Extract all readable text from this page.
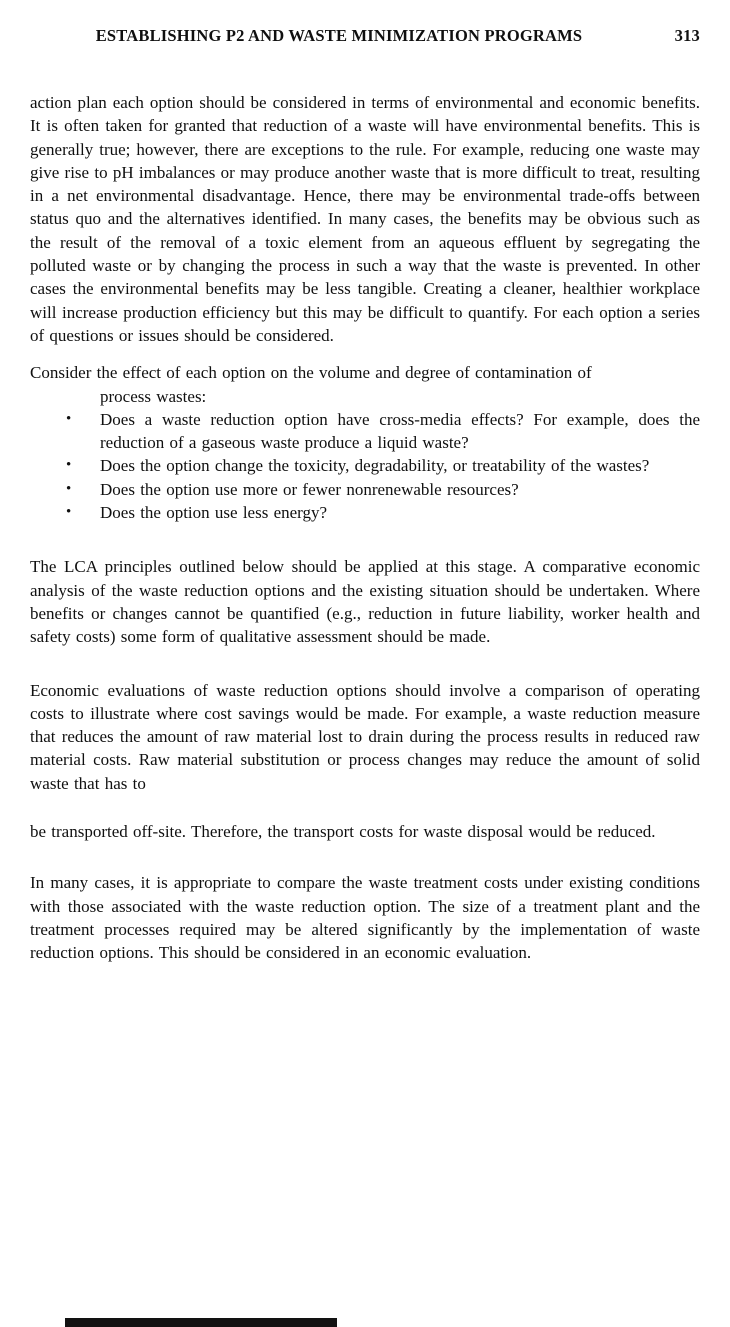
ESTABLISHING P2 AND WASTE MINIMIZATION PROGRAMS	313

action plan each option should be considered in terms of environmental and economic benefits. It is often taken for granted that reduction of a waste will have environmental benefits. This is generally true; however, there are exceptions to the rule. For example, reducing one waste may give rise to pH imbalances or may produce another waste that is more difficult to treat, resulting in a net environmental disadvantage. Hence, there may be environmental trade-offs between status quo and the alternatives identified. In many cases, the benefits may be obvious such as the result of the removal of a toxic element from an aqueous effluent by segregating the polluted waste or by changing the process in such a way that the waste is prevented. In other cases the environmental benefits may be less tangible. Creating a cleaner, healthier workplace will increase production efficiency but this may be difficult to quantify. For each option a series of questions or issues should be considered.

Consider the effect of each option on the volume and degree of contamination of
process wastes:
•	Does a waste reduction option have cross-media effects? For example, does the reduction of a gaseous waste produce a liquid waste?
•	Does the option change the toxicity, degradability, or treatability of the wastes?
•	Does the option use more or fewer nonrenewable resources?
•	Does the option use less energy?

The LCA principles outlined below should be applied at this stage. A comparative economic analysis of the waste reduction options and the existing situation should be undertaken. Where benefits or changes cannot be quantified (e.g., reduction in future liability, worker health and safety costs) some form of qualitative assessment should be made.

Economic evaluations of waste reduction options should involve a comparison of operating costs to illustrate where cost savings would be made. For example, a waste reduction measure that reduces the amount of raw material lost to drain during the process results in reduced raw material costs. Raw material substitution or process changes may reduce the amount of solid waste that has to

be transported off-site. Therefore, the transport costs for waste disposal would be reduced.

In many cases, it is appropriate to compare the waste treatment costs under existing conditions with those associated with the waste reduction option. The size of a treatment plant and the treatment processes required may be altered significantly by the implementation of waste reduction options. This should be considered in an economic evaluation.
